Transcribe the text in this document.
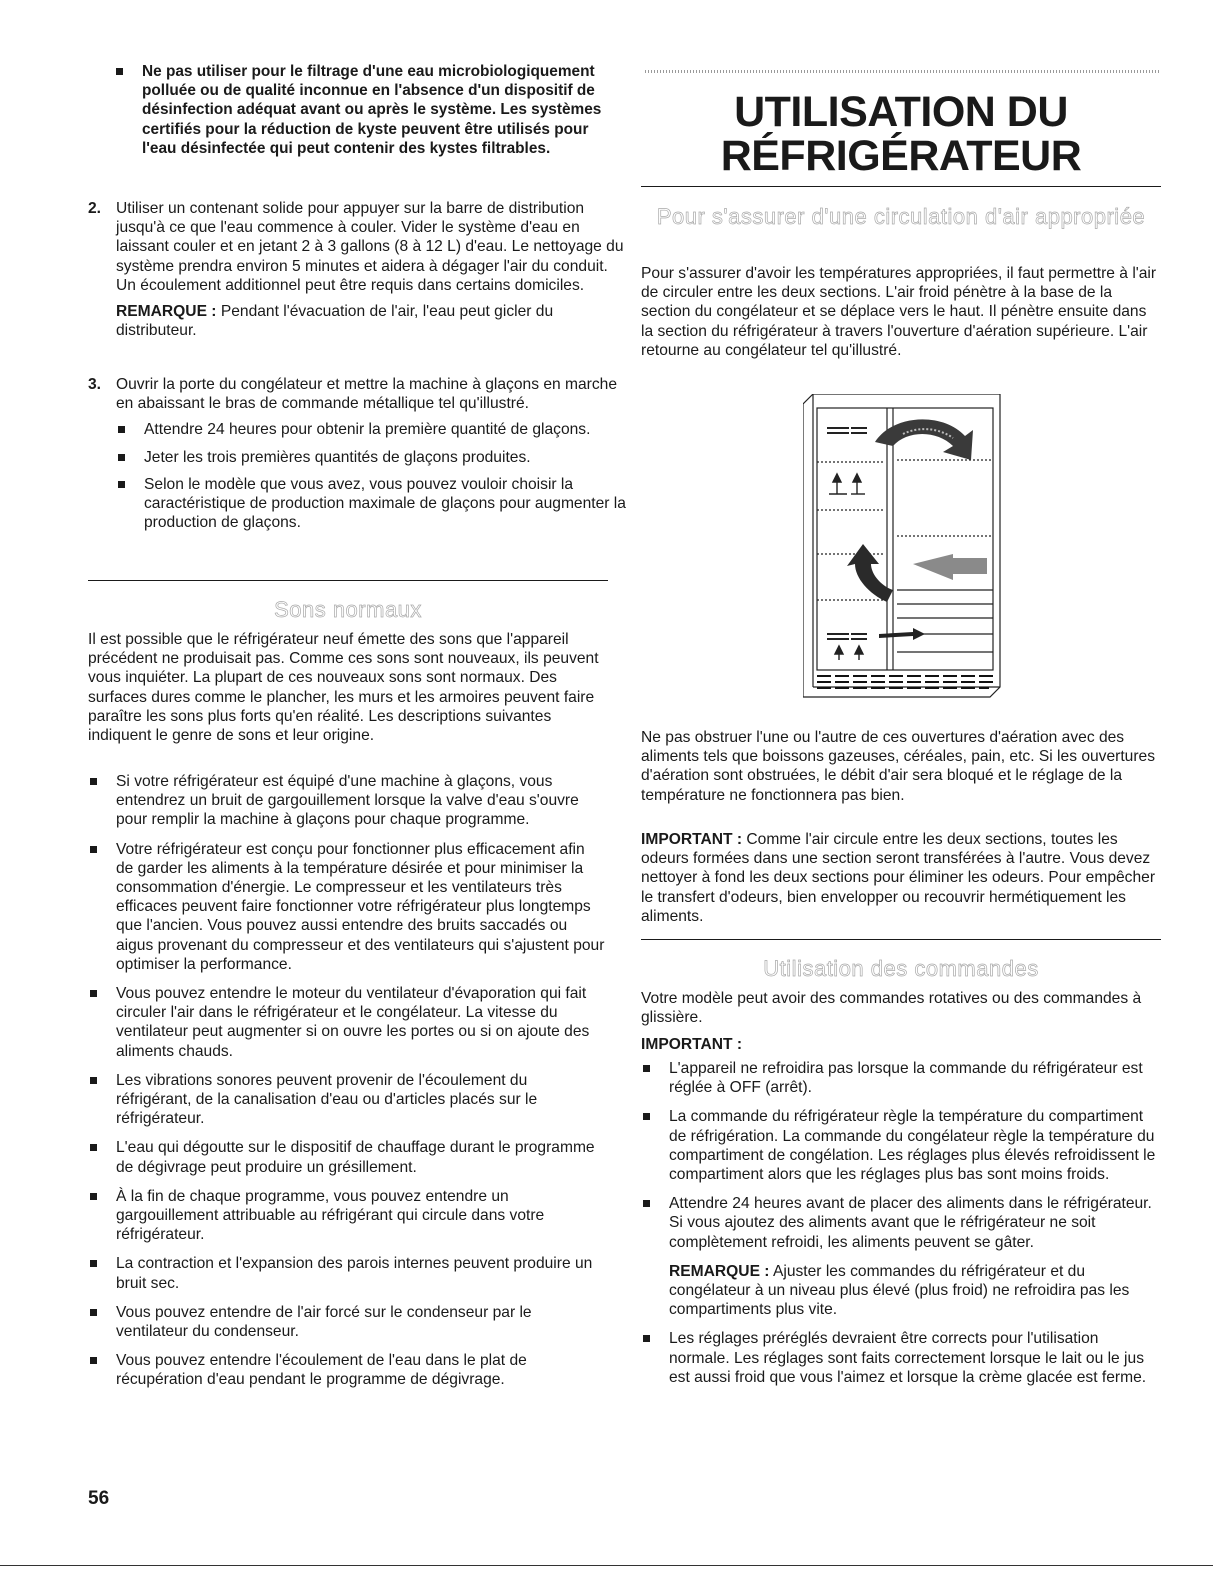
Ne pas utiliser pour le filtrage d'une eau microbiologiquement polluée ou de qualité inconnue en l'absence d'un dispositif de désinfection adéquat avant ou après le système. Les systèmes certifiés pour la réduction de kyste peuvent être utilisés pour l'eau désinfectée qui peut contenir des kystes filtrables.
2. Utiliser un contenant solide pour appuyer sur la barre de distribution jusqu'à ce que l'eau commence à couler. Vider le système d'eau en laissant couler et en jetant 2 à 3 gallons (8 à 12 L) d'eau. Le nettoyage du système prendra environ 5 minutes et aidera à dégager l'air du conduit. Un écoulement additionnel peut être requis dans certains domiciles.

REMARQUE : Pendant l'évacuation de l'air, l'eau peut gicler du distributeur.

3. Ouvrir la porte du congélateur et mettre la machine à glaçons en marche en abaissant le bras de commande métallique tel qu'illustré.

Attendre 24 heures pour obtenir la première quantité de glaçons.
Jeter les trois premières quantités de glaçons produites.
Selon le modèle que vous avez, vous pouvez vouloir choisir la caractéristique de production maximale de glaçons pour augmenter la production de glaçons.
Sons normaux

Il est possible que le réfrigérateur neuf émette des sons que l'appareil précédent ne produisait pas. Comme ces sons sont nouveaux, ils peuvent vous inquiéter. La plupart de ces nouveaux sons sont normaux. Des surfaces dures comme le plancher, les murs et les armoires peuvent faire paraître les sons plus forts qu'en réalité. Les descriptions suivantes indiquent le genre de sons et leur origine.

Si votre réfrigérateur est équipé d'une machine à glaçons, vous entendrez un bruit de gargouillement lorsque la valve d'eau s'ouvre pour remplir la machine à glaçons pour chaque programme.
Votre réfrigérateur est conçu pour fonctionner plus efficacement afin de garder les aliments à la température désirée et pour minimiser la consommation d'énergie. Le compresseur et les ventilateurs très efficaces peuvent faire fonctionner votre réfrigérateur plus longtemps que l'ancien. Vous pouvez aussi entendre des bruits saccadés ou aigus provenant du compresseur et des ventilateurs qui s'ajustent pour optimiser la performance.
Vous pouvez entendre le moteur du ventilateur d'évaporation qui fait circuler l'air dans le réfrigérateur et le congélateur. La vitesse du ventilateur peut augmenter si on ouvre les portes ou si on ajoute des aliments chauds.
Les vibrations sonores peuvent provenir de l'écoulement du réfrigérant, de la canalisation d'eau ou d'articles placés sur le réfrigérateur.
L'eau qui dégoutte sur le dispositif de chauffage durant le programme de dégivrage peut produire un grésillement.
À la fin de chaque programme, vous pouvez entendre un gargouillement attribuable au réfrigérant qui circule dans votre réfrigérateur.
La contraction et l'expansion des parois internes peuvent produire un bruit sec.
Vous pouvez entendre de l'air forcé sur le condenseur par le ventilateur du condenseur.
Vous pouvez entendre l'écoulement de l'eau dans le plat de récupération d'eau pendant le programme de dégivrage.
UTILISATION DU
RÉFRIGÉRATEUR
Pour s'assurer d'une circulation d'air appropriée

Pour s'assurer d'avoir les températures appropriées, il faut permettre à l'air de circuler entre les deux sections. L'air froid pénètre à la base de la section du congélateur et se déplace vers le haut. Il pénètre ensuite dans la section du réfrigérateur à travers l'ouverture d'aération supérieure. L'air retourne au congélateur tel qu'illustré.

Ne pas obstruer l'une ou l'autre de ces ouvertures d'aération avec des aliments tels que boissons gazeuses, céréales, pain, etc. Si les ouvertures d'aération sont obstruées, le débit d'air sera bloqué et le réglage de la température ne fonctionnera pas bien.

IMPORTANT : Comme l'air circule entre les deux sections, toutes les odeurs formées dans une section seront transférées à l'autre. Vous devez nettoyer à fond les deux sections pour éliminer les odeurs. Pour empêcher le transfert d'odeurs, bien envelopper ou recouvrir hermétiquement les aliments.

Utilisation des commandes

Votre modèle peut avoir des commandes rotatives ou des commandes à glissière.

IMPORTANT :

L'appareil ne refroidira pas lorsque la commande du réfrigérateur est réglée à OFF (arrêt).
La commande du réfrigérateur règle la température du compartiment de réfrigération. La commande du congélateur règle la température du compartiment de congélation. Les réglages plus élevés refroidissent le compartiment alors que les réglages plus bas sont moins froids.
Attendre 24 heures avant de placer des aliments dans le réfrigérateur. Si vous ajoutez des aliments avant que le réfrigérateur ne soit complètement refroidi, les aliments peuvent se gâter.
REMARQUE : Ajuster les commandes du réfrigérateur et du congélateur à un niveau plus élevé (plus froid) ne refroidira pas les compartiments plus vite.
Les réglages préréglés devraient être corrects pour l'utilisation normale. Les réglages sont faits correctement lorsque le lait ou le jus est aussi froid que vous l'aimez et lorsque la crème glacée est ferme.
56
